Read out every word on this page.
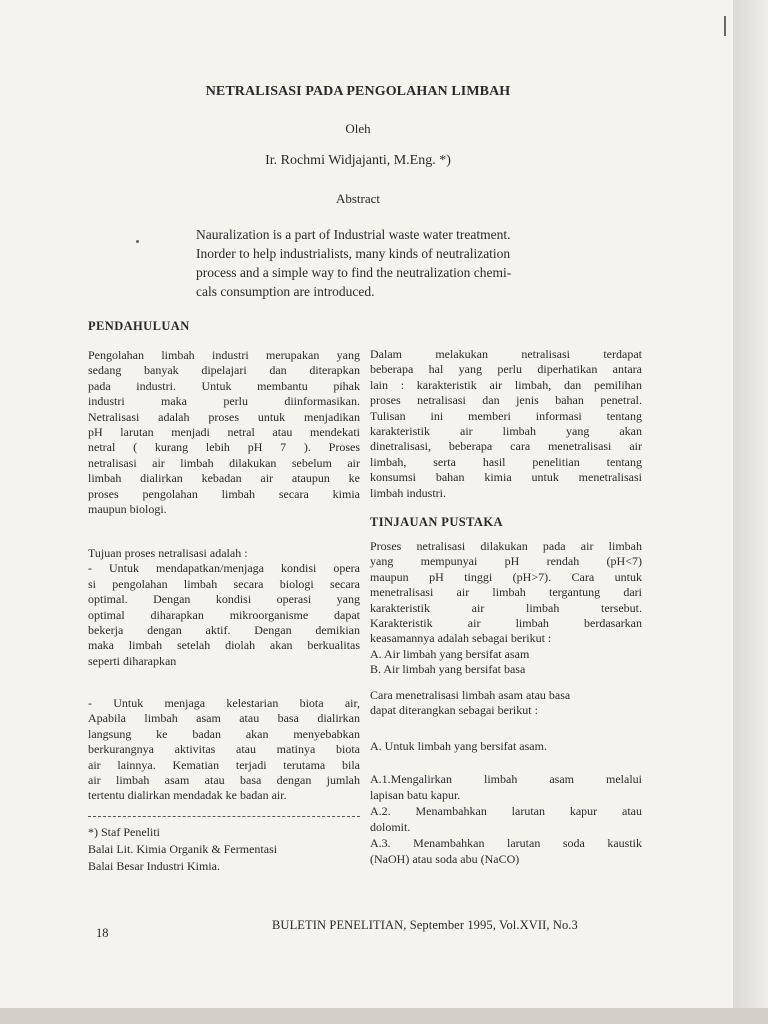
NETRALISASI PADA PENGOLAHAN LIMBAH
Oleh
Ir. Rochmi Widjajanti, M.Eng. *)
Abstract
Nauralization is a part of Industrial waste water treatment.
Inorder to help industrialists, many kinds of neutralization
process and a simple way to find the neutralization chemi-
cals consumption are introduced.
PENDAHULUAN
Pengolahan limbah industri merupakan yang
sedang banyak dipelajari dan diterapkan
pada industri. Untuk membantu pihak
industri maka perlu diinformasikan.
Netralisasi adalah proses untuk menjadikan
pH larutan menjadi netral atau mendekati
netral ( kurang lebih pH 7 ). Proses
netralisasi air limbah dilakukan sebelum air
limbah dialirkan kebadan air ataupun ke
proses pengolahan limbah secara kimia
maupun biologi.
Tujuan proses netralisasi adalah :
- Untuk mendapatkan/menjaga kondisi opera
si pengolahan limbah secara biologi secara
optimal. Dengan kondisi operasi yang
optimal diharapkan mikroorganisme dapat
bekerja dengan aktif. Dengan demikian
maka limbah setelah diolah akan berkualitas
seperti diharapkan
- Untuk menjaga kelestarian biota air,
Apabila limbah asam atau basa dialirkan
langsung ke badan akan menyebabkan
berkurangnya aktivitas atau matinya biota
air lainnya. Kematian terjadi terutama bila
air limbah asam atau basa dengan jumlah
tertentu dialirkan mendadak ke badan air.
*) Staf Peneliti
Balai Lit. Kimia Organik & Fermentasi
Balai Besar Industri Kimia.
Dalam melakukan netralisasi terdapat
beberapa hal yang perlu diperhatikan antara
lain : karakteristik air limbah, dan pemilihan
proses netralisasi dan jenis bahan penetral.
Tulisan ini memberi informasi tentang
karakteristik air limbah yang akan
dinetralisasi, beberapa cara menetralisasi air
limbah, serta hasil penelitian tentang
konsumsi bahan kimia untuk menetralisasi
limbah industri.
TINJAUAN PUSTAKA
Proses netralisasi dilakukan pada air limbah
yang mempunyai pH rendah (pH<7)
maupun pH tinggi (pH>7). Cara untuk
menetralisasi air limbah tergantung dari
karakteristik air limbah tersebut.
Karakteristik air limbah berdasarkan
keasamannya adalah sebagai berikut :
A. Air limbah yang bersifat asam
B. Air limbah yang bersifat basa
Cara menetralisasi limbah asam atau basa
dapat diterangkan sebagai berikut :
A. Untuk limbah yang bersifat asam.
A.1.Mengalirkan limbah asam melalui
lapisan batu kapur.
A.2. Menambahkan larutan kapur atau
dolomit.
A.3. Menambahkan larutan soda kaustik
(NaOH) atau soda abu (NaCO)
18
BULETIN PENELITIAN, September 1995, Vol.XVII, No.3
